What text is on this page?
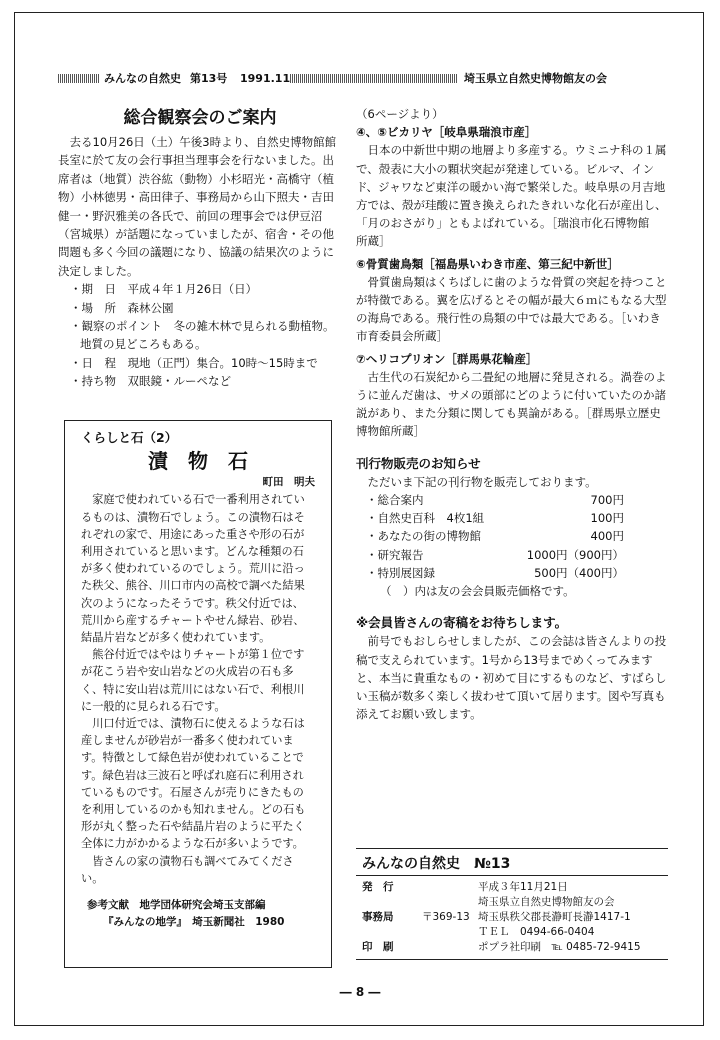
みんなの自然史 第13号 1991.11	埼玉県立自然史博物館友の会

総合観察会のご案内

去る10月26日（土）午後3時より、自然史博物館館長室に於て友の会行事担当理事会を行ないました。出席者は（地質）渋谷紘（動物）小杉昭光・高橋守（植物）小林徳男・高田律子、事務局から山下照夫・吉田健一・野沢雅美の各氏で、前回の理事会では伊豆沼（宮城県）が話題になっていましたが、宿舎・その他問題も多く今回の議題になり、協議の結果次のように決定しました。

・期　日　平成４年１月26日（日）

・場　所　森林公園

・観察のポイント　冬の雑木林で見られる動植物。地質の見どころもある。

・日　程　現地（正門）集合。10時～15時まで

・持ち物　双眼鏡・ルーペなど

くらしと石（2）

漬　物　石

町田　明夫

家庭で使われている石で一番利用されているものは、漬物石でしょう。この漬物石はそれぞれの家で、用途にあった重さや形の石が利用されていると思います。どんな種類の石が多く使われているのでしょう。荒川に沿った秩父、熊谷、川口市内の高校で調べた結果次のようになったそうです。秩父付近では、荒川から産するチャートやせん緑岩、砂岩、結晶片岩などが多く使われています。

熊谷付近ではやはりチャートが第１位ですが花こう岩や安山岩などの火成岩の石も多く、特に安山岩は荒川にはない石で、利根川に一般的に見られる石です。

川口付近では、漬物石に使えるような石は産しませんが砂岩が一番多く使われています。特徴として緑色岩が使われていることです。緑色岩は三波石と呼ばれ庭石に利用されているものです。石屋さんが売りにきたものを利用しているのかも知れません。どの石も形が丸く整った石や結晶片岩のように平たく全体に力がかかるような石が多いようです。

皆さんの家の漬物石も調べてみてください。

参考文献　地学団体研究会埼玉支部編

『みんなの地学』　埼玉新聞社　1980

（6ページより）

④、⑤ビカリヤ［岐阜県瑞浪市産］

日本の中新世中期の地層より多産する。ウミニナ科の１属で、殻表に大小の顆状突起が発達している。ビルマ、インド、ジャワなど東洋の暖かい海で繁栄した。岐阜県の月吉地方では、殻が珪酸に置き換えられたきれいな化石が産出し、「月のおさがり」ともよばれている。［瑞浪市化石博物館　所蔵］

⑥骨質歯鳥類［福島県いわき市産、第三紀中新世］

骨質歯鳥類はくちばしに歯のような骨質の突起を持つことが特徴である。翼を広げるとその幅が最大６ｍにもなる大型の海鳥である。飛行性の鳥類の中では最大である。［いわき市育委員会所蔵］

⑦ヘリコプリオン［群馬県花輪産］

古生代の石炭紀から二畳紀の地層に発見される。渦巻のように並んだ歯は、サメの頭部にどのように付いていたのか諸説があり、また分類に関しても異論がある。［群馬県立歴史博物館所蔵］

刊行物販売のお知らせ

ただいま下記の刊行物を販売しております。

・総合案内	700円
・自然史百科　4枚1組	100円
・あなたの街の博物館	400円
・研究報告	1000円（900円）
・特別展図録	500円（400円）

（　）内は友の会会員販売価格です。

※会員皆さんの寄稿をお待ちします。

前号でもおしらせしましたが、この会誌は皆さんよりの投稿で支えられています。1号から13号までめくってみますと、本当に貴重なもの・初めて目にするものなど、すばらしい玉稿が数多く楽しく拔わせて頂いて居ります。図や写真も添えてお願い致します。

みんなの自然史　№13
発　行	平成３年11月21日
埼玉県立自然史博物館友の会
事務局	〒369-13 埼玉県秩父郡長瀞町長瀞1417-1
ＴＥＬ　0494-66-0404
印　刷	ポプラ社印刷　℡ 0485-72-9415
― 8 ―
